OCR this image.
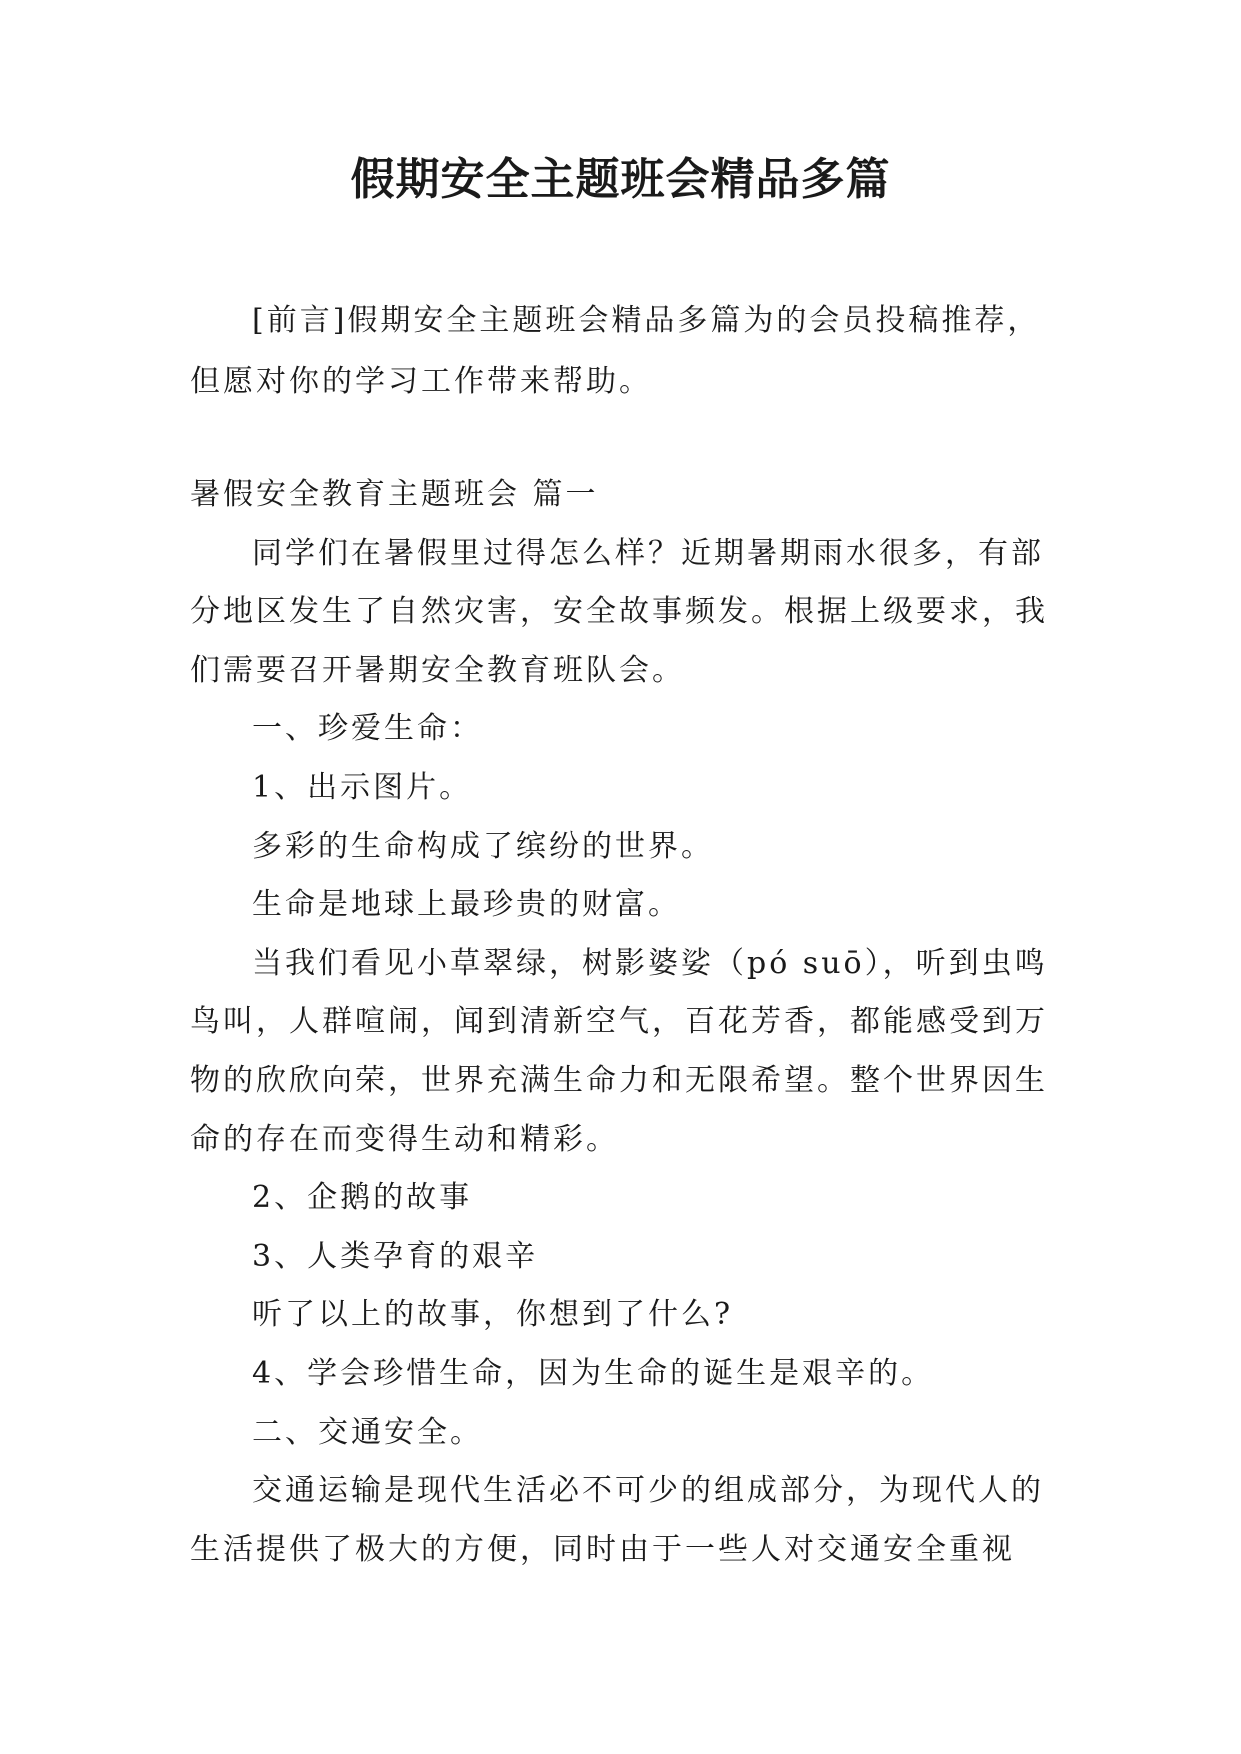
假期安全主题班会精品多篇

[前言]假期安全主题班会精品多篇为的会员投稿推荐，但愿对你的学习工作带来帮助。

暑假安全教育主题班会 篇一

同学们在暑假里过得怎么样？近期暑期雨水很多，有部分地区发生了自然灾害，安全故事频发。根据上级要求，我们需要召开暑期安全教育班队会。

一、珍爱生命：

1、出示图片。

多彩的生命构成了缤纷的世界。

生命是地球上最珍贵的财富。

当我们看见小草翠绿，树影婆娑（pó suō），听到虫鸣鸟叫，人群喧闹，闻到清新空气，百花芳香，都能感受到万物的欣欣向荣，世界充满生命力和无限希望。整个世界因生命的存在而变得生动和精彩。

2、企鹅的故事

3、人类孕育的艰辛

听了以上的故事，你想到了什么?

4、学会珍惜生命，因为生命的诞生是艰辛的。

二、交通安全。

交通运输是现代生活必不可少的组成部分，为现代人的生活提供了极大的方便，同时由于一些人对交通安全重视
